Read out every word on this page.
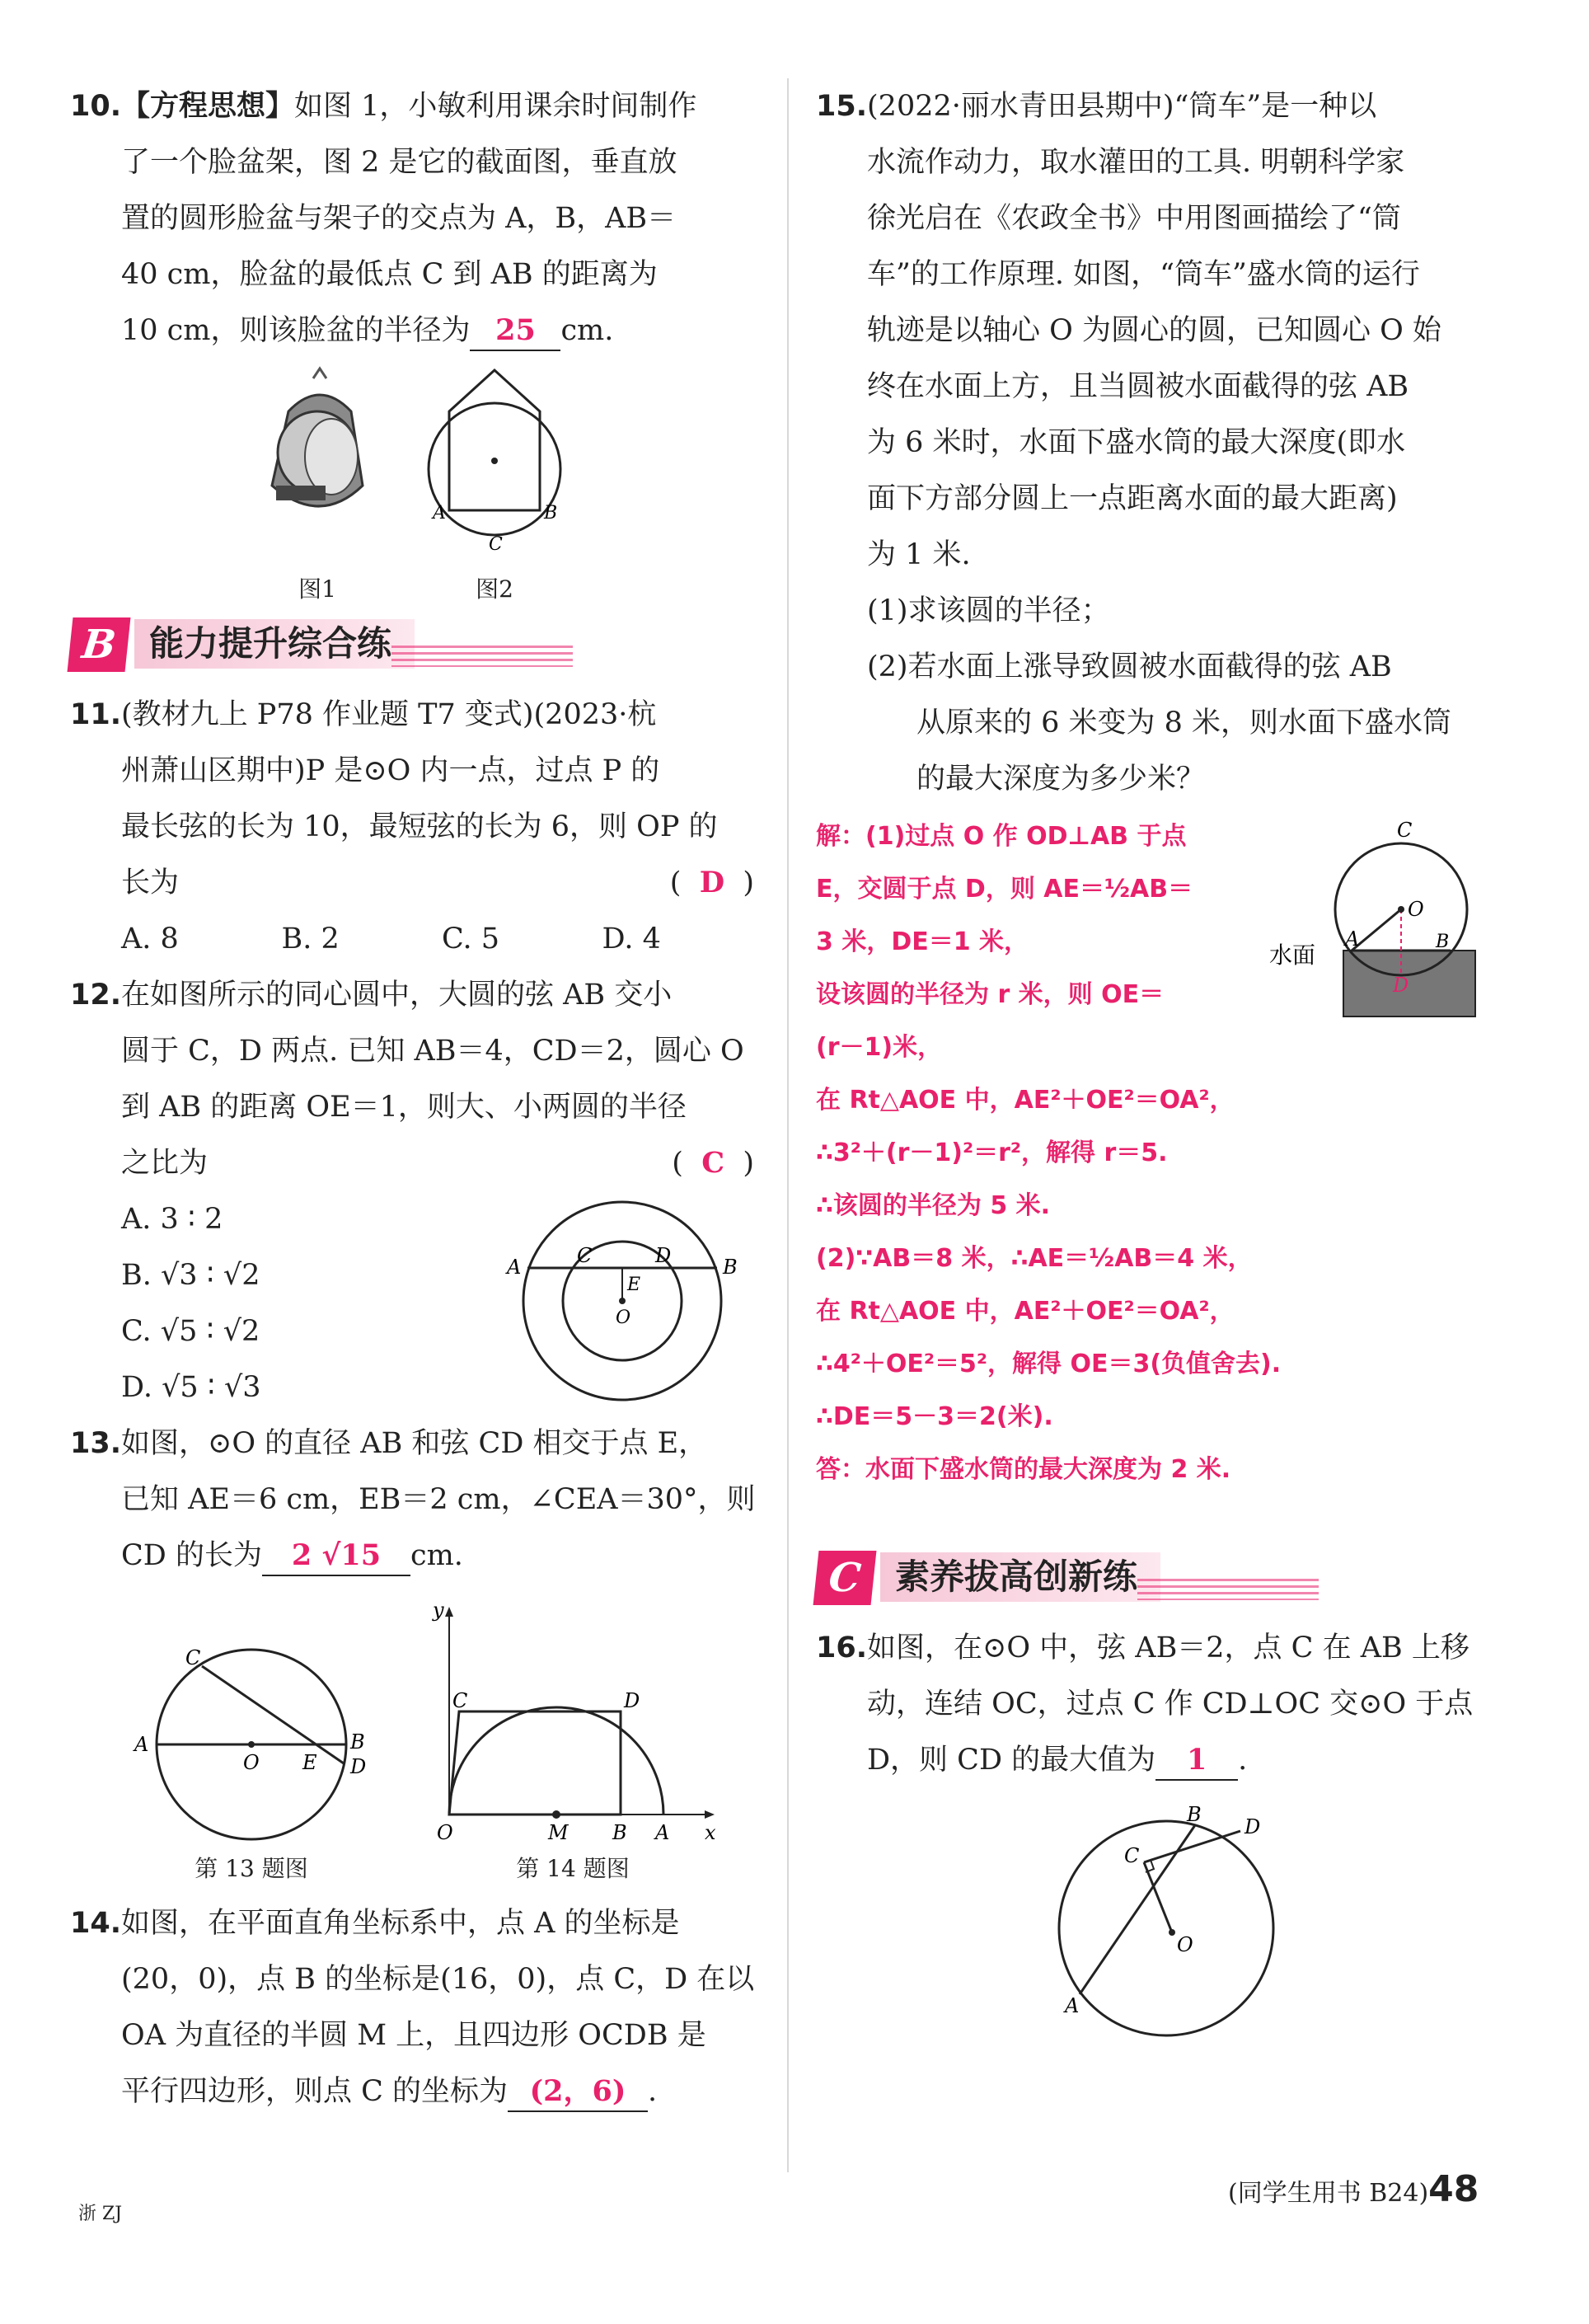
10.【方程思想】如图 1，小敏利用课余时间制作
了一个脸盆架，图 2 是它的截面图，垂直放
置的圆形脸盆与架子的交点为 A，B，AB＝
40 cm，脸盆的最低点 C 到 AB 的距离为
10 cm，则该脸盆的半径为 25 cm.
图1
A	B
C
图2
B 能力提升综合练
11.(教材九上 P78 作业题 T7 变式)(2023·杭
州萧山区期中)P 是⊙O 内一点，过点 P 的
最长弦的长为 10，最短弦的长为 6，则 OP 的
长为	( D )
A. 8	B. 2	C. 5	D. 4
12.在如图所示的同心圆中，大圆的弦 AB 交小
圆于 C，D 两点. 已知 AB＝4，CD＝2，圆心 O
到 AB 的距离 OE＝1，则大、小两圆的半径
之比为	( C )
A. 3 ∶ 2
B. √3 ∶ √2
C. √5 ∶ √2
D. √5 ∶ √3
A	B
C	D
E
O
13.如图，⊙O 的直径 AB 和弦 CD 相交于点 E，
已知 AE＝6 cm，EB＝2 cm，∠CEA＝30°，则
CD 的长为 2 √15 cm.
A	B
C
D
E
O
第 13 题图
y
x
O	M B A
C	D
第 14 题图
14.如图，在平面直角坐标系中，点 A 的坐标是
(20，0)，点 B 的坐标是(16，0)，点 C，D 在以
OA 为直径的半圆 M 上，且四边形 OCDB 是
平行四边形，则点 C 的坐标为 (2，6) .
15.(2022·丽水青田县期中)“筒车”是一种以
水流作动力，取水灌田的工具. 明朝科学家
徐光启在《农政全书》中用图画描绘了“筒
车”的工作原理. 如图，“筒车”盛水筒的运行
轨迹是以轴心 O 为圆心的圆，已知圆心 O 始
终在水面上方，且当圆被水面截得的弦 AB
为 6 米时，水面下盛水筒的最大深度(即水
面下方部分圆上一点距离水面的最大距离)
为 1 米.
(1)求该圆的半径；
(2)若水面上涨导致圆被水面截得的弦 AB
从原来的 6 米变为 8 米，则水面下盛水筒
的最大深度为多少米？
解：(1)过点 O 作 OD⊥AB 于点
E，交圆于点 D，则 AE＝½AB＝
3 米，DE＝1 米，
设该圆的半径为 r 米，则 OE＝
(r－1)米，
在 Rt△AOE 中，AE²＋OE²＝OA²，
∴3²＋(r－1)²＝r²，解得 r＝5.
∴该圆的半径为 5 米.
(2)∵AB＝8 米，∴AE＝½AB＝4 米，
在 Rt△AOE 中，AE²＋OE²＝OA²，
∴4²＋OE²＝5²，解得 OE＝3(负值舍去).
∴DE＝5－3＝2(米).
答：水面下盛水筒的最大深度为 2 米.
C
O
A E B
D
水面
C 素养拔高创新练
16.如图，在⊙O 中，弦 AB＝2，点 C 在 AB 上移
动，连结 OC，过点 C 作 CD⊥OC 交⊙O 于点
D，则 CD 的最大值为 1 .
B
D
C
O
A
浙 ZJ
(同学生用书 B24)48
